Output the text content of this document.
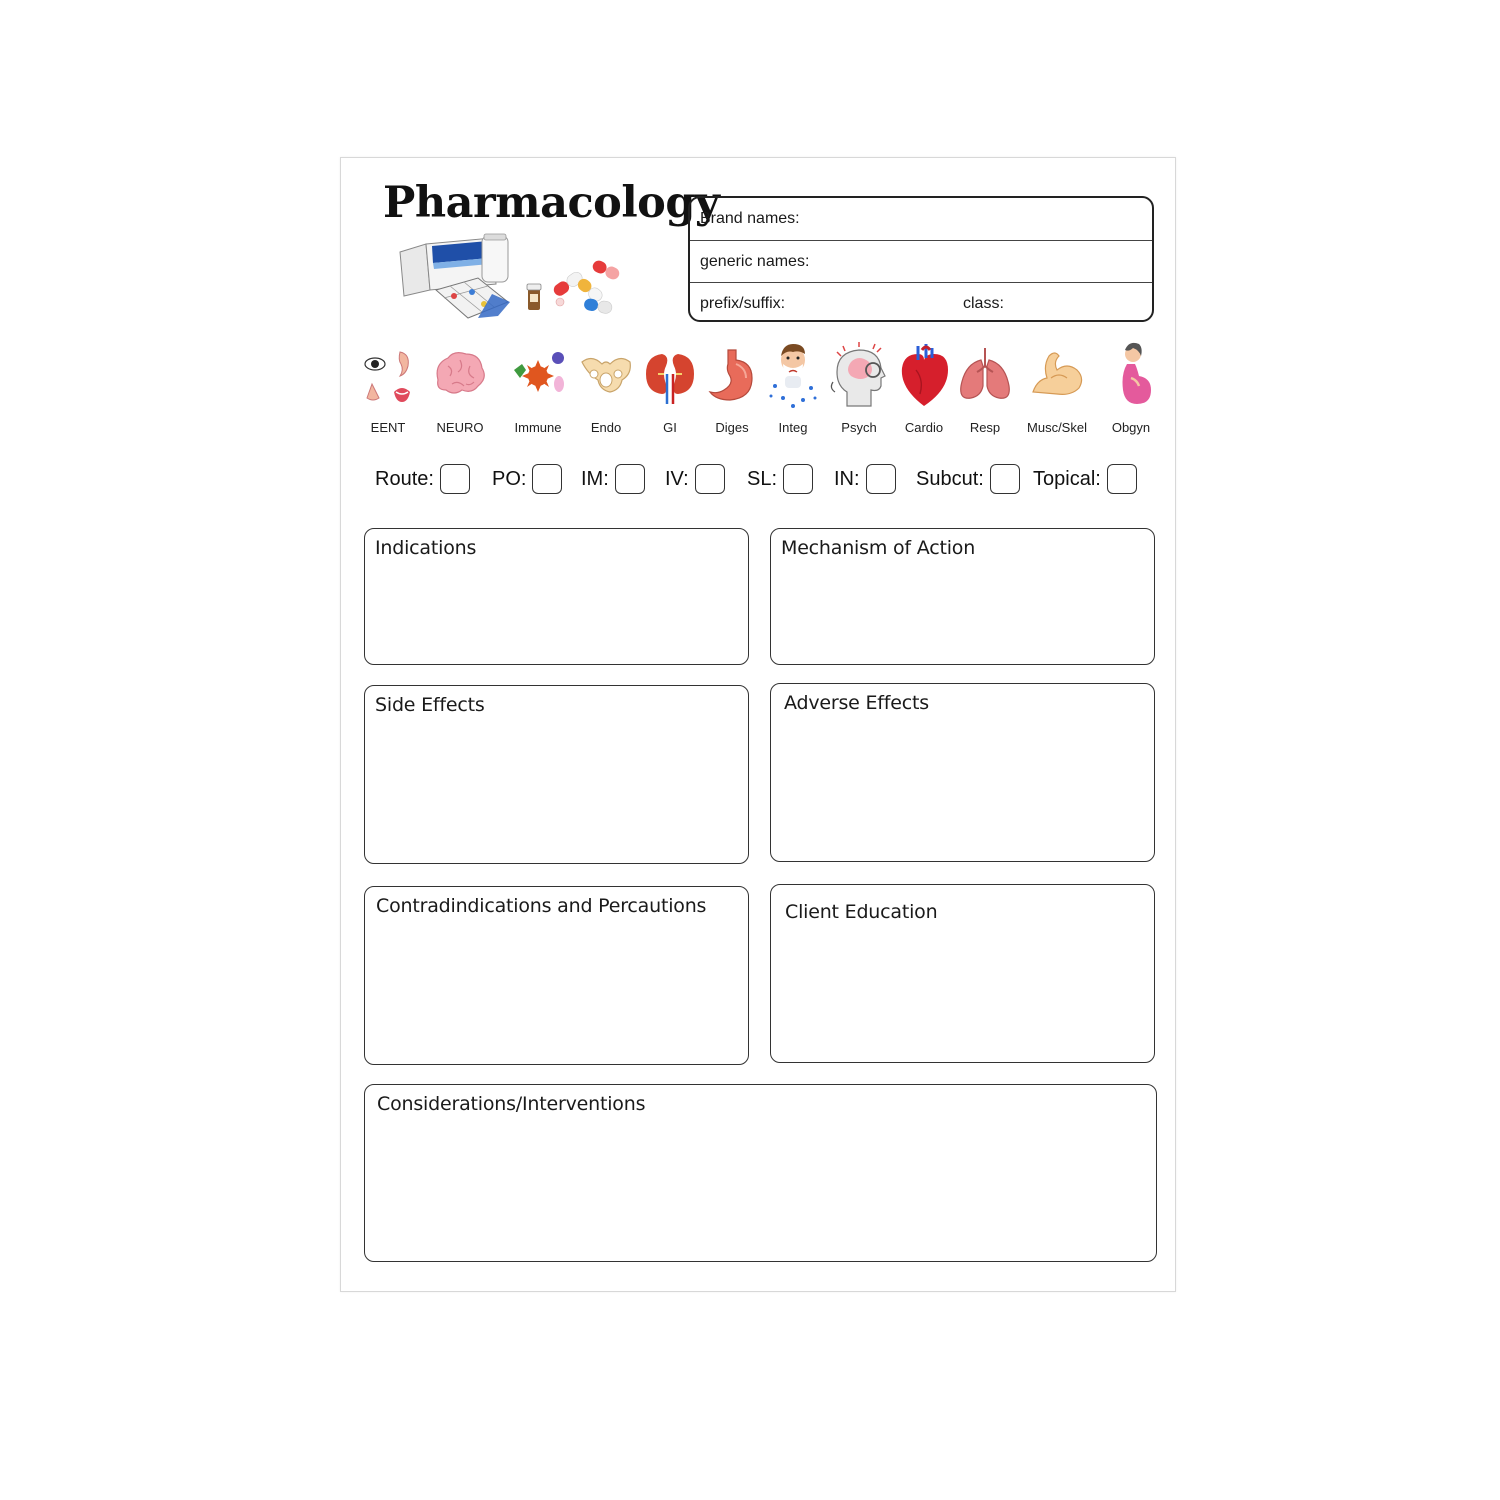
Pharmacology
Brand names:
generic names:
prefix/suffix:	class:
EENT	NEURO	Immune	Endo	GI	Diges	Integ	Psych	Cardio	Resp	Musc/Skel	Obgyn
Route:	PO:	IM:	IV:	SL:	IN:	Subcut: Topical:
Indications	Mechanism of Action
Side Effects	Adverse Effects
Contradindications and Percautions	Client Education
Considerations/Interventions
